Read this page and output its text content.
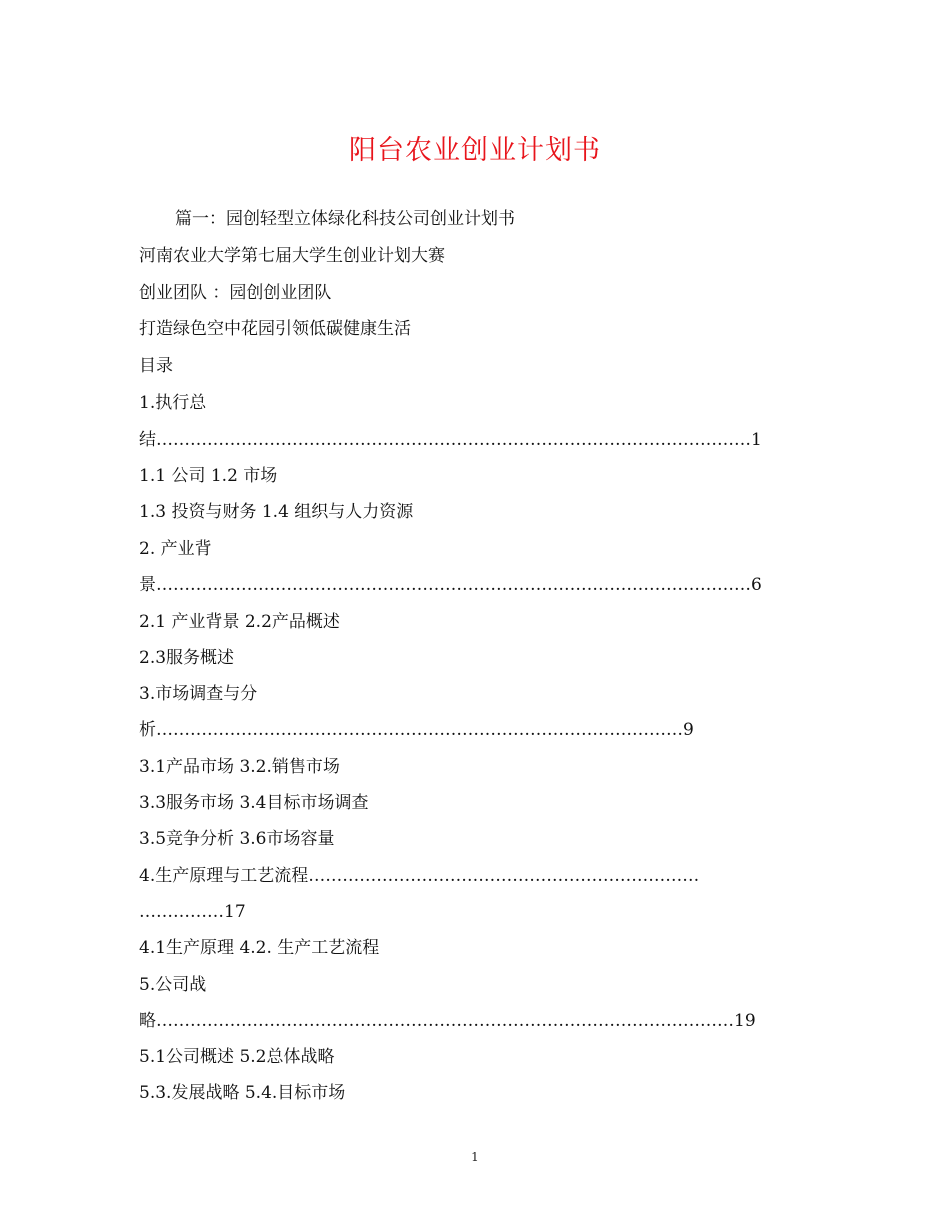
阳台农业创业计划书
篇一：园创轻型立体绿化科技公司创业计划书
河南农业大学第七届大学生创业计划大赛
创业团队 ：园创创业团队
打造绿色空中花园引领低碳健康生活
目录
1.执行总
结……………………………………………………………………………………………1
1.1 公司 1.2 市场
1.3 投资与财务 1.4 组织与人力资源
2. 产业背
景……………………………………………………………………………………………6
2.1 产业背景 2.2产品概述
2.3服务概述
3.市场调查与分
析…………………………………………………………………………………9
3.1产品市场 3.2.销售市场
3.3服务市场 3.4目标市场调查
3.5竞争分析 3.6市场容量
4.生产原理与工艺流程……………………………………………………………
……………17
4.1生产原理 4.2. 生产工艺流程
5.公司战
略…………………………………………………………………………………………19
5.1公司概述 5.2总体战略
5.3.发展战略 5.4.目标市场
1
